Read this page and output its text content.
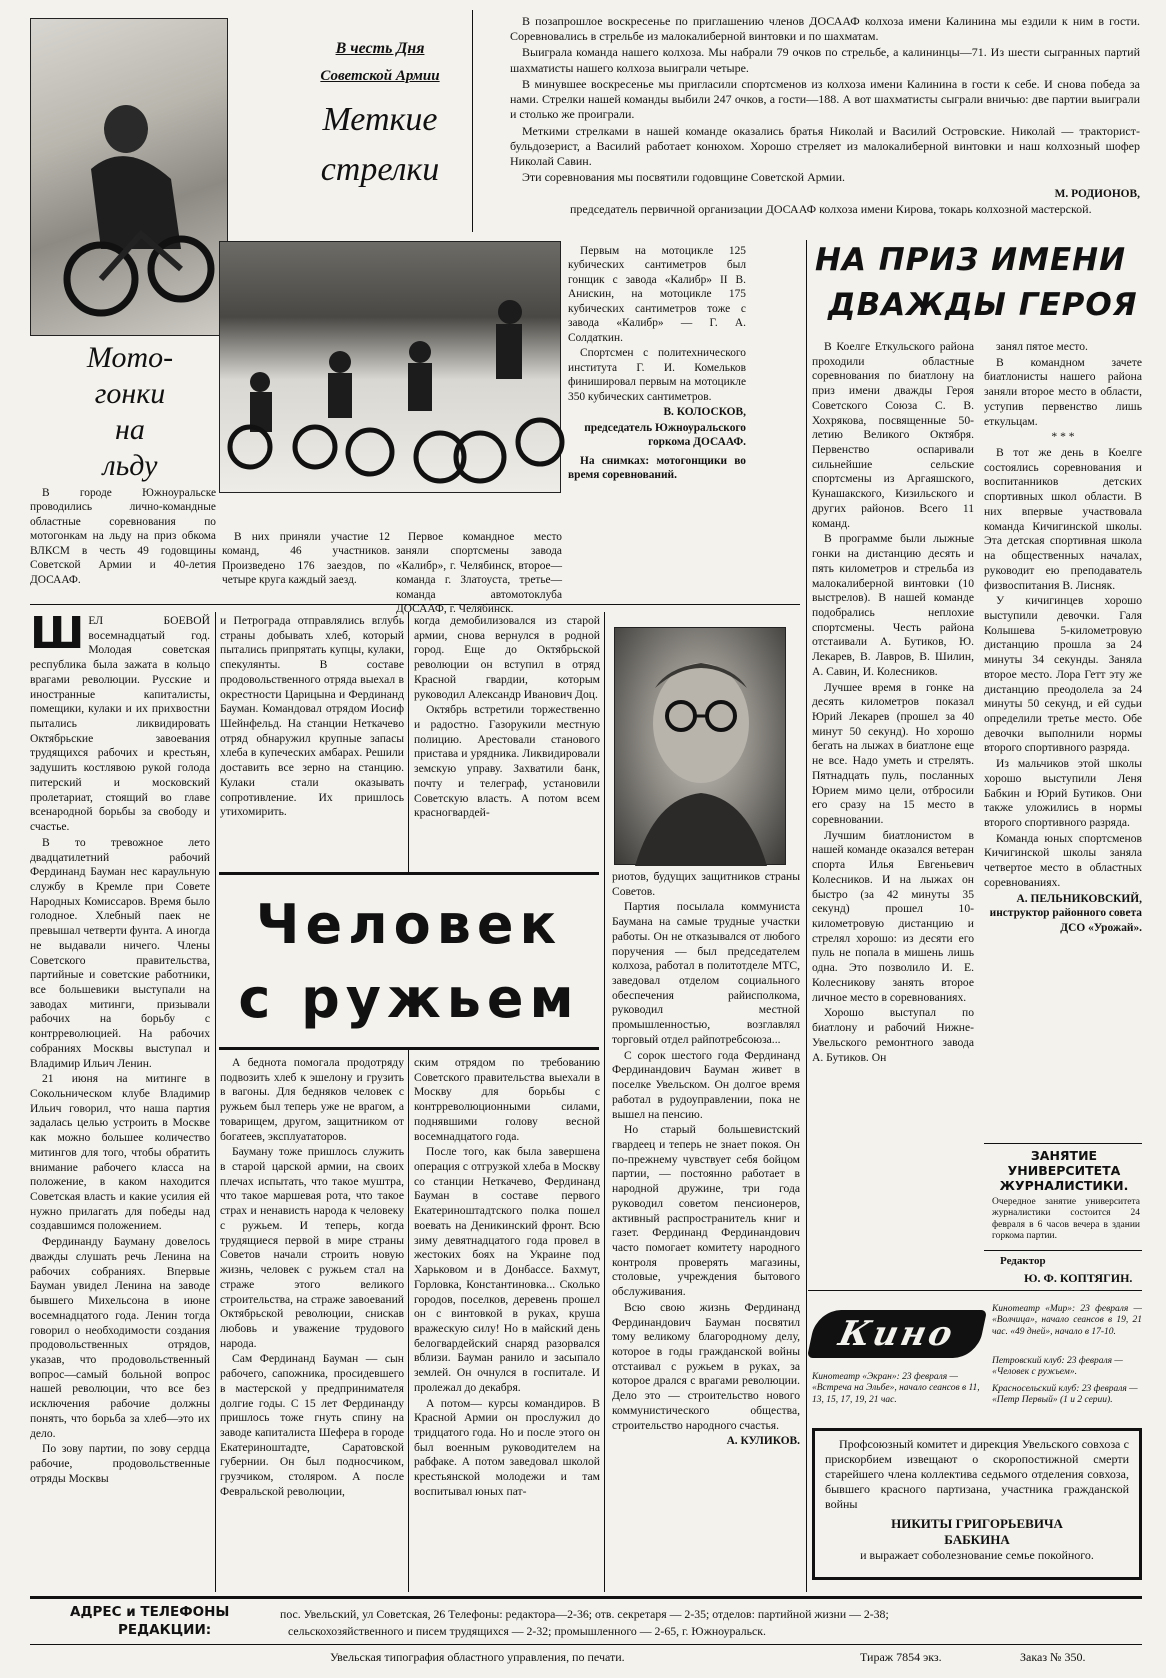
В честь Дня
Советской Армии
Меткие
стрелки

В позапрошлое воскресенье по приглашению членов ДОСААФ колхоза имени Калинина мы ездили к ним в гости. Соревновались в стрельбе из малокалиберной винтовки и по шахматам.

Выиграла команда нашего колхоза. Мы набрали 79 очков по стрельбе, а калининцы—71. Из шести сыгранных партий шахматисты нашего колхоза выиграли четыре.

В минувшее воскресенье мы пригласили спортсменов из колхоза имени Калинина в гости к себе. И снова победа за нами. Стрелки нашей команды выбили 247 очков, а гости—188. А вот шахматисты сыграли вничью: две партии выиграли и столько же проиграли.

Меткими стрелками в нашей команде оказались братья Николай и Василий Островские. Николай — тракторист-бульдозерист, а Василий работает конюхом. Хорошо стреляет из малокалиберной винтовки и наш колхозный шофер Николай Савин.

Эти соревнования мы посвятили годовщине Советской Армии.

М. РОДИОНОВ,

председатель первичной организации ДОСААФ колхоза имени Кирова, токарь колхозной мастерской.

Мото-
гонки
на
льду

В городе Южноуральске проводились лично-командные областные соревнования по мотогонкам на льду на приз обкома ВЛКСМ в честь 49 годовщины Советской Армии и 40-летия ДОСААФ.

В них приняли участие 12 команд, 46 участников. Произведено 176 заездов, по четыре круга каждый заезд.

Первое командное место заняли спортсмены завода «Калибр», г. Челябинск, второе—команда г. Златоуста, третье— команда автомотоклуба ДОСААФ, г. Челябинск.

Первым на мотоцикле 125 кубических сантиметров был гонщик с завода «Калибр» II В. Анискин, на мотоцикле 175 кубических сантиметров тоже с завода «Калибр» — Г. А. Солдаткин.

Спортсмен с политехнического института Г. И. Комельков финишировал первым на мотоцикле 350 кубических сантиметров.

В. КОЛОСКОВ,

председатель Южноуральского горкома ДОСААФ.

На снимках: мотогонщики во время соревнований.

НА ПРИЗ ИМЕНИ
ДВАЖДЫ ГЕРОЯ

В Коелге Еткульского района проходили областные соревнования по биатлону на приз имени дважды Героя Советского Союза С. В. Хохрякова, посвященные 50-летию Великого Октября. Первенство оспаривали сильнейшие сельские спортсмены из Аргаяшского, Кунашакского, Кизильского и других районов. Всего 11 команд.

В программе были лыжные гонки на дистанцию десять и пять километров и стрельба из малокалиберной винтовки (10 выстрелов). В нашей команде подобрались неплохие спортсмены. Честь района отстаивали А. Бутиков, Ю. Лекарев, В. Лавров, В. Шилин, А. Савин, И. Колесников.

Лучшее время в гонке на десять километров показал Юрий Лекарев (прошел за 40 минут 50 секунд). Но хорошо бегать на лыжах в биатлоне еще не все. Надо уметь и стрелять. Пятнадцать пуль, посланных Юрием мимо цели, отбросили его сразу на 15 место в соревновании.

Лучшим биатлонистом в нашей команде оказался ветеран спорта Илья Евгеньевич Колесников. И на лыжах он быстро (за 42 минуты 35 секунд) прошел 10-километровую дистанцию и стрелял хорошо: из десяти его пуль не попала в мишень лишь одна. Это позволило И. Е. Колесникову занять второе личное место в соревнованиях.

Хорошо выступал по биатлону и рабочий Нижне-Увельского ремонтного завода А. Бутиков. Он

занял пятое место.

В командном зачете биатлонисты нашего района заняли второе место в области, уступив первенство лишь еткульцам.

* * *

В тот же день в Коелге состоялись соревнования и воспитанников детских спортивных школ области. В них впервые участвовала команда Кичигинской школы. Эта детская спортивная школа на общественных началах, руководит ею преподаватель физвоспитания В. Лисняк.

У кичигинцев хорошо выступили девочки. Галя Колышева 5-километровую дистанцию прошла за 24 минуты 34 секунды. Заняла второе место. Лора Гетт эту же дистанцию преодолела за 24 минуты 50 секунд, и ей судьи определили третье место. Обе девочки выполнили нормы второго спортивного разряда.

Из мальчиков этой школы хорошо выступили Леня Бабкин и Юрий Бутиков. Они также уложились в нормы второго спортивного разряда.

Команда юных спортсменов Кичигинской школы заняла четвертое место в областных соревнованиях.

А. ПЕЛЬНИКОВСКИЙ, инструктор районного совета ДСО «Урожай».

ЗАНЯТИЕ УНИВЕРСИТЕТА ЖУРНАЛИСТИКИ.
Очередное занятие университета журналистики состоится 24 февраля в 6 часов вечера в здании горкома партии.
Редактор
Ю. Ф. КОПТЯГИН.
Кино
Кинотеатр «Мир»: 23 февраля — «Волчица», начало сеансов в 19, 21 час. «49 дней», начало в 17-10.
Петровский клуб: 23 февраля — «Человек с ружьем».
Кинотеатр «Экран»: 23 февраля — «Встреча на Эльбе», начало сеансов в 11, 13, 15, 17, 19, 21 час.
Красносельский клуб: 23 февраля — «Петр Первый» (1 и 2 серии).
Профсоюзный комитет и дирекция Увельского совхоза с прискорбием извещают о скоропостижной смерти старейшего члена коллектива седьмого отделения совхоза, бывшего красного партизана, участника гражданской войны
НИКИТЫ ГРИГОРЬЕВИЧА
БАБКИНА
и выражает соболезнование семье покойного.
Ш ЕЛ БОЕВОЙ восемнадцатый год. Молодая советская республика была зажата в кольцо врагами революции. Русские и иностранные капиталисты, помещики, кулаки и их прихвостни пытались ликвидировать Октябрьские завоевания трудящихся рабочих и крестьян, задушить костлявою рукой голода питерский и московский пролетариат, стоящий во главе всенародной борьбы за свободу и счастье.

В то тревожное лето двадцатилетний рабочий Фердинанд Бауман нес караульную службу в Кремле при Совете Народных Комиссаров. Время было голодное. Хлебный паек не превышал четверти фунта. А иногда не выдавали ничего. Члены Советского правительства, партийные и советские работники, все большевики выступали на заводах митинги, призывали рабочих на борьбу с контрреволюцией. На рабочих собраниях Москвы выступал и Владимир Ильич Ленин.

21 июня на митинге в Сокольническом клубе Владимир Ильич говорил, что наша партия задалась целью устроить в Москве как можно большее количество митингов для того, чтобы обратить внимание рабочего класса на положение, в каком находится Советская власть и какие усилия ей нужно прилагать для победы над создавшимся положением.

Фердинанду Бауману довелось дважды слушать речь Ленина на рабочих собраниях. Впервые Бауман увидел Ленина на заводе бывшего Михельсона в июне восемнадцатого года. Ленин тогда говорил о необходимости создания продовольственных отрядов, указав, что продовольственный вопрос—самый больной вопрос нашей революции, что все без исключения рабочие должны понять, что борьба за хлеб—это их дело.

По зову партии, по зову сердца рабочие, продовольственные отряды Москвы

и Петрограда отправлялись вглубь страны добывать хлеб, который пытались припрятать купцы, кулаки, спекулянты. В составе продовольственного отряда выехал в окрестности Царицына и Фердинанд Бауман. Командовал отрядом Иосиф Шейнфельд. На станции Неткачево отряд обнаружил крупные запасы хлеба в купеческих амбарах. Решили доставить все зерно на станцию. Кулаки стали оказывать сопротивление. Их пришлось утихомирить.

когда демобилизовался из старой армии, снова вернулся в родной город. Еще до Октябрьской революции он вступил в отряд Красной гвардии, которым руководил Александр Иванович Доц.

Октябрь встретили торжественно и радостно. Газорукили местную полицию. Арестовали станового пристава и урядника. Ликвидировали земскую управу. Захватили банк, почту и телеграф, установили Советскую власть. А потом всем красногвардей-

Человек
с ружьем

А беднота помогала продотряду подвозить хлеб к эшелону и грузить в вагоны. Для бедняков человек с ружьем был теперь уже не врагом, а товарищем, другом, защитником от богатеев, эксплуататоров.

Бауману тоже пришлось служить в старой царской армии, на своих плечах испытать, что такое муштра, что такое маршевая рота, что такое страх и ненависть народа к человеку с ружьем. И теперь, когда трудящиеся первой в мире страны Советов начали строить новую жизнь, человек с ружьем стал на страже этого великого строительства, на страже завоеваний Октябрьской революции, снискав любовь и уважение трудового народа.

Сам Фердинанд Бауман — сын рабочего, сапожника, просидевшего в мастерской у предпринимателя долгие годы. С 15 лет Фердинанду пришлось тоже гнуть спину на заводе капиталиста Шефера в городе Екатериноштадте, Саратовской губернии. Он был подносчиком, грузчиком, столяром. А после Февральской революции,

ским отрядом по требованию Советского правительства выехали в Москву для борьбы с контрреволюционными силами, поднявшими голову весной восемнадцатого года.

После того, как была завершена операция с отгрузкой хлеба в Москву со станции Неткачево, Фердинанд Бауман в составе первого Екатериноштадтского полка пошел воевать на Деникинский фронт. Всю зиму девятнадцатого года провел в жестоких боях на Украине под Харьковом и в Донбассе. Бахмут, Горловка, Константиновка... Сколько городов, поселков, деревень прошел он с винтовкой в руках, круша вражескую силу! Но в майский день белогвардейский снаряд разорвался вблизи. Бауман ранило и засыпало землей. Он очнулся в госпитале. И пролежал до декабря.

А потом— курсы командиров. В Красной Армии он прослужил до тридцатого года. Но и после этого он был военным руководителем на рабфаке. А потом заведовал школой крестьянской молодежи и там воспитывал юных пат-

риотов, будущих защитников страны Советов.

Партия посылала коммуниста Баумана на самые трудные участки работы. Он не отказывался от любого поручения — был председателем колхоза, работал в политотделе МТС, заведовал отделом социального обеспечения райисполкома, руководил местной промышленностью, возглавлял торговый отдел райпотребсоюза...

С сорок шестого года Фердинанд Фердинандович Бауман живет в поселке Увельском. Он долгое время работал в рудоуправлении, пока не вышел на пенсию.

Но старый большевистский гвардеец и теперь не знает покоя. Он по-прежнему чувствует себя бойцом партии, — постоянно работает в народной дружине, три года руководил советом пенсионеров, активный распространитель книг и газет. Фердинанд Фердинандович часто помогает комитету народного контроля проверять магазины, столовые, учреждения бытового обслуживания.

Всю свою жизнь Фердинанд Фердинандович Бауман посвятил тому великому благородному делу, которое в годы гражданской войны отстаивал с ружьем в руках, за которое дрался с врагами революции. Дело это — строительство нового коммунистического общества, строительство народного счастья.

А. КУЛИКОВ.

АДРЕС и ТЕЛЕФОНЫ
РЕДАКЦИИ:
пос. Увельский, ул Советская, 26 Телефоны: редактора—2-36; отв. секретаря — 2-35; отделов: партийной жизни — 2-38;
сельскохозяйственного и писем трудящихся — 2-32; промышленного — 2-65, г. Южноуральск.
Увельская типография областного управления, по печати.	Тираж 7854 экз.	Заказ № 350.
